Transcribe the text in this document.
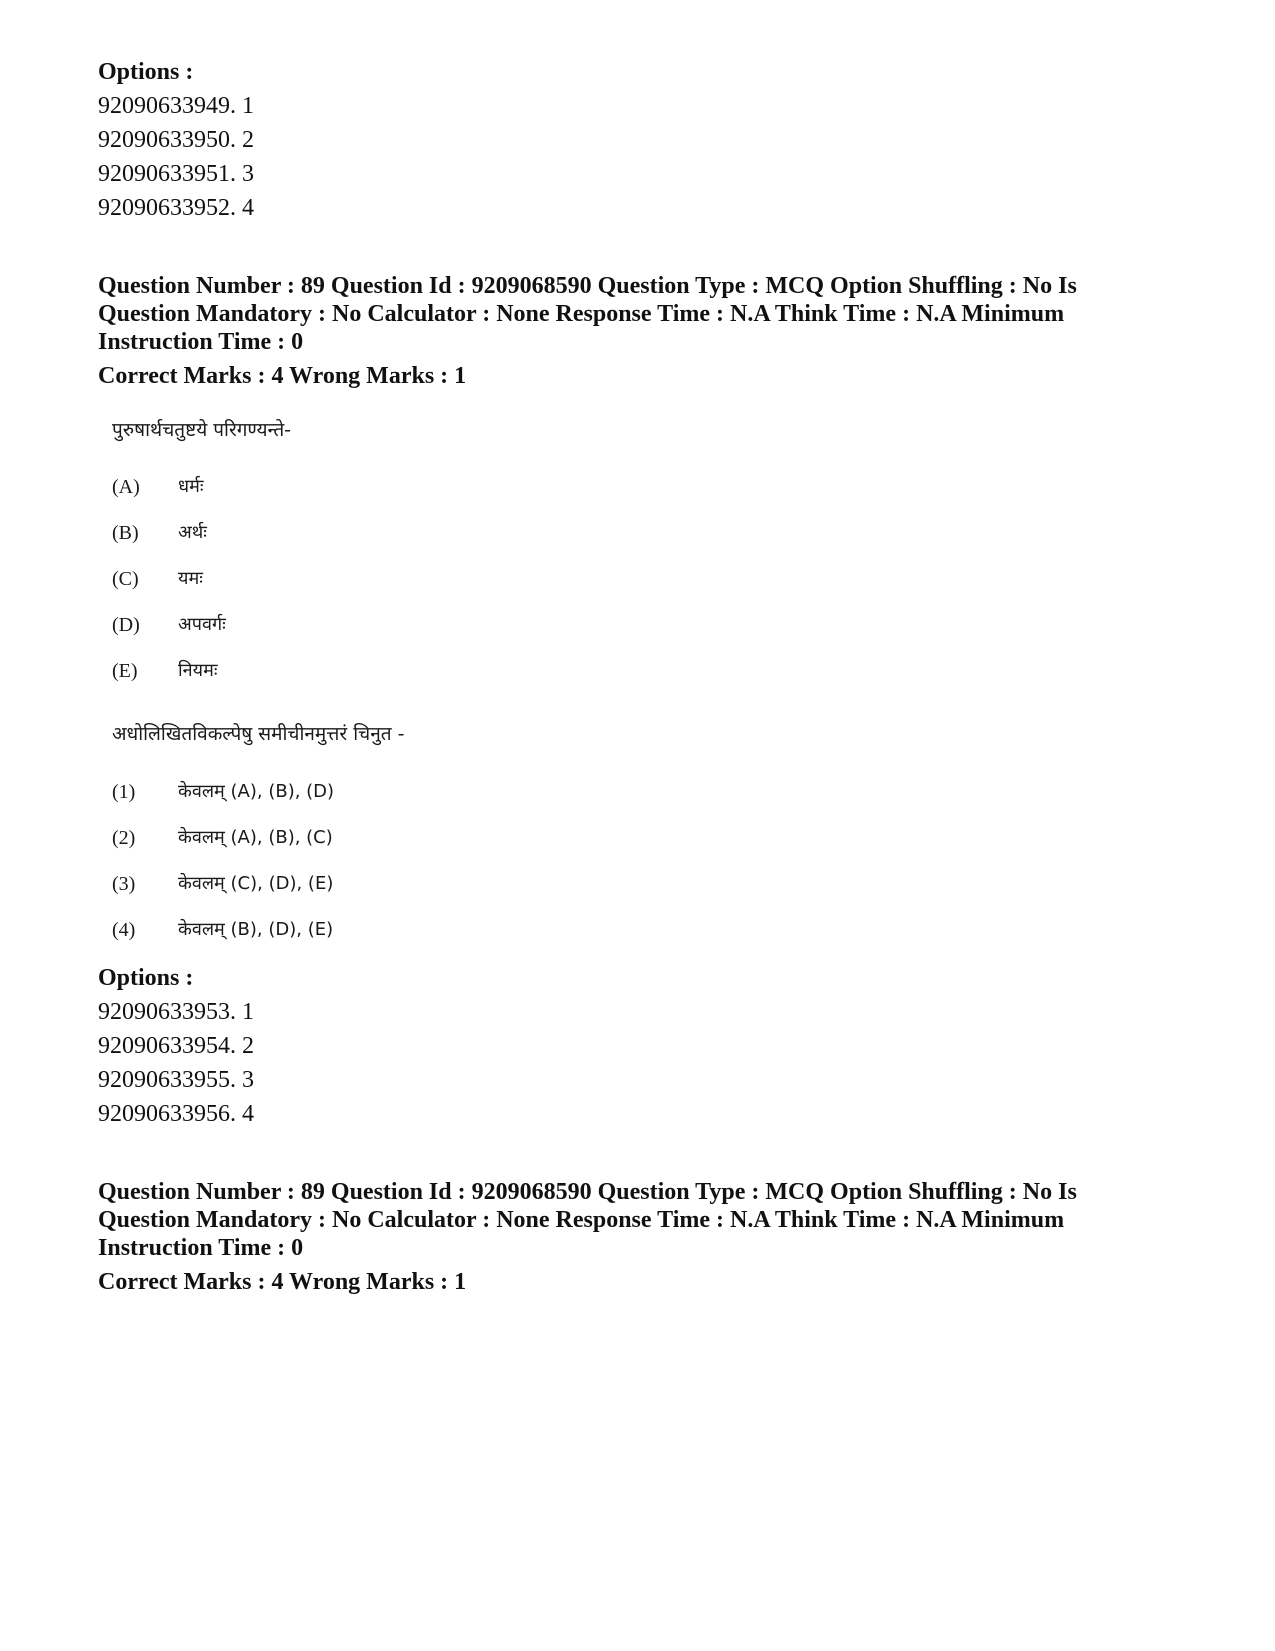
Options :
92090633949. 1
92090633950. 2
92090633951. 3
92090633952. 4
Question Number : 89 Question Id : 9209068590 Question Type : MCQ Option Shuffling : No Is
Question Mandatory : No Calculator : None Response Time : N.A Think Time : N.A Minimum
Instruction Time : 0
Correct Marks : 4 Wrong Marks : 1
पुरुषार्थचतुष्टये परिगण्यन्ते-
(A) धर्मः
(B) अर्थः
(C) यमः
(D) अपवर्गः
(E) नियमः
अधोलिखितविकल्पेषु समीचीनमुत्तरं चिनुत -
(1) केवलम् (A), (B), (D)
(2) केवलम् (A), (B), (C)
(3) केवलम् (C), (D), (E)
(4) केवलम् (B), (D), (E)
Options :
92090633953. 1
92090633954. 2
92090633955. 3
92090633956. 4
Question Number : 89 Question Id : 9209068590 Question Type : MCQ Option Shuffling : No Is
Question Mandatory : No Calculator : None Response Time : N.A Think Time : N.A Minimum
Instruction Time : 0
Correct Marks : 4 Wrong Marks : 1
